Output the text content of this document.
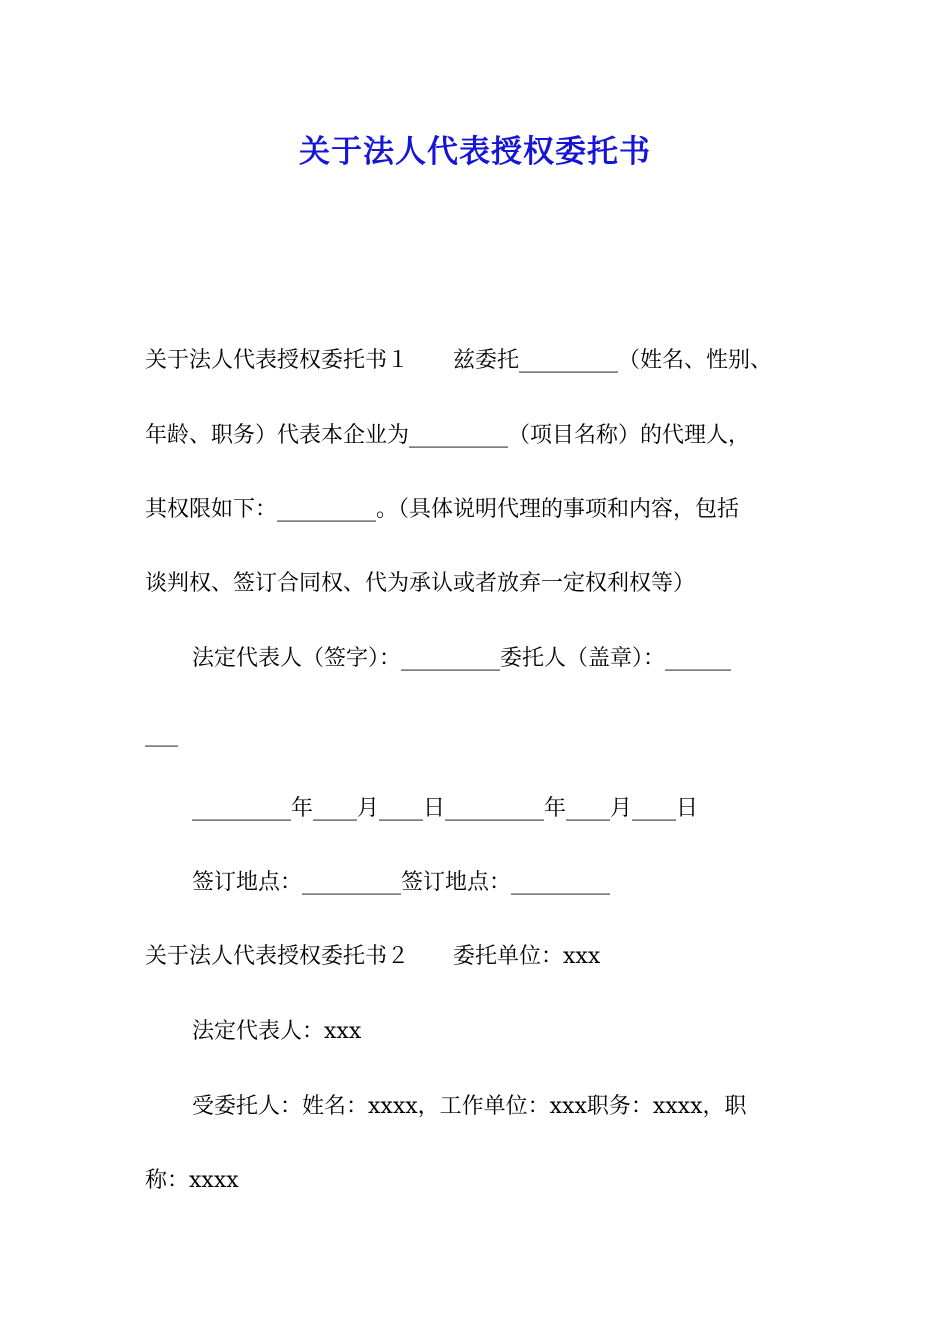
关于法人代表授权委托书
关于法人代表授权委托书１　　兹委托_________（姓名、性别、
年龄、职务）代表本企业为_________（项目名称）的代理人，
其权限如下：_________。（具体说明代理的事项和内容，包括
谈判权、签订合同权、代为承认或者放弃一定权利权等）
法定代表人（签字）：_________委托人（盖章）：______
___
_________年____月____日_________年____月____日
签订地点：_________签订地点：_________
关于法人代表授权委托书２　　委托单位：xxx
法定代表人：xxx
受委托人：姓名：xxxx，工作单位：xxx职务：xxxx，职
称：xxxx
